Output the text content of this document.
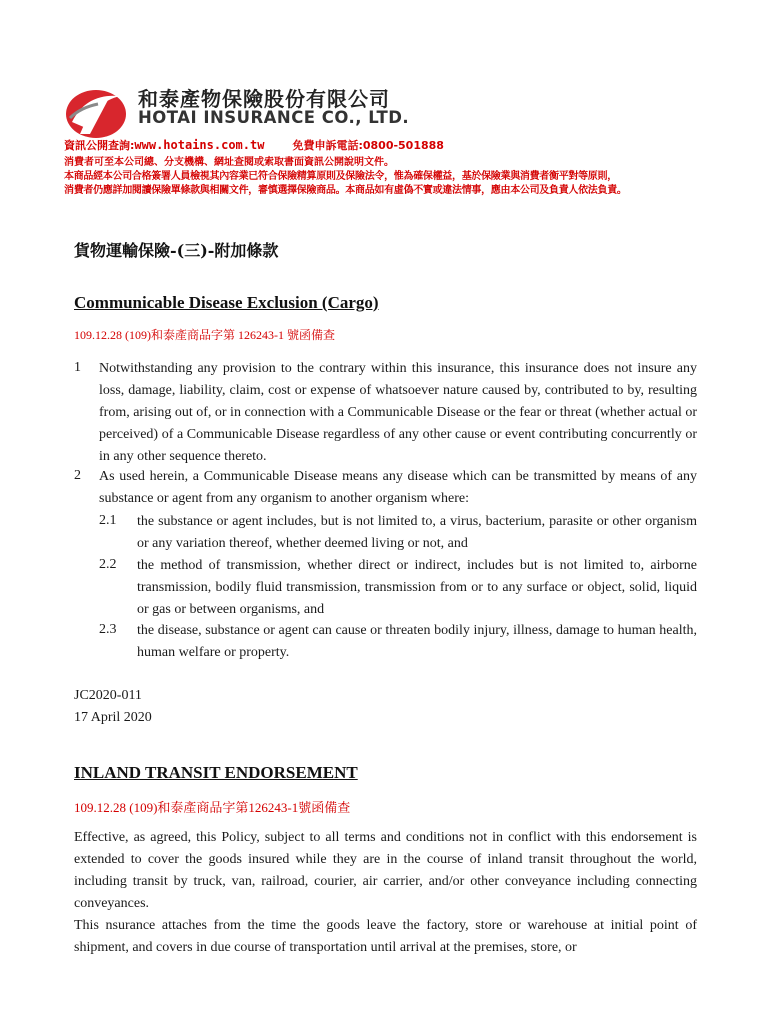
和泰產物保險股份有限公司
HOTAI INSURANCE CO., LTD.
資訊公開查詢:www.hotains.com.tw	免費申訴電話:0800-501888
消費者可至本公司總、分支機構、網址查閱或索取書面資訊公開說明文件。
本商品經本公司合格簽署人員檢視其內容業已符合保險精算原則及保險法令，惟為確保權益，基於保險業與消費者衡平對等原則，
消費者仍應詳加閱讀保險單條款與相關文件，審慎選擇保險商品。本商品如有虛偽不實或違法情事，應由本公司及負責人依法負責。
貨物運輸保險-(三)-附加條款
Communicable Disease Exclusion (Cargo)
109.12.28 (109)和泰產商品字第 126243-1 號函備查
1 Notwithstanding any provision to the contrary within this insurance, this insurance does not insure any loss, damage, liability, claim, cost or expense of whatsoever nature caused by, contributed to by, resulting from, arising out of, or in connection with a Communicable Disease or the fear or threat (whether actual or perceived) of a Communicable Disease regardless of any other cause or event contributing concurrently or in any other sequence thereto.
2 As used herein, a Communicable Disease means any disease which can be transmitted by means of any substance or agent from any organism to another organism where:
2.1 the substance or agent includes, but is not limited to, a virus, bacterium, parasite or other organism or any variation thereof, whether deemed living or not, and
2.2 the method of transmission, whether direct or indirect, includes but is not limited to, airborne transmission, bodily fluid transmission, transmission from or to any surface or object, solid, liquid or gas or between organisms, and
2.3 the disease, substance or agent can cause or threaten bodily injury, illness, damage to human health, human welfare or property.
JC2020-011
17 April 2020
INLAND TRANSIT ENDORSEMENT
109.12.28 (109)和泰產商品字第126243-1號函備查
Effective, as agreed, this Policy, subject to all terms and conditions not in conflict with this endorsement is extended to cover the goods insured while they are in the course of inland transit throughout the world, including transit by truck, van, railroad, courier, air carrier, and/or other conveyance including connecting conveyances.
This nsurance attaches from the time the goods leave the factory, store or warehouse at initial point of shipment, and covers in due course of transportation until arrival at the premises, store, or
